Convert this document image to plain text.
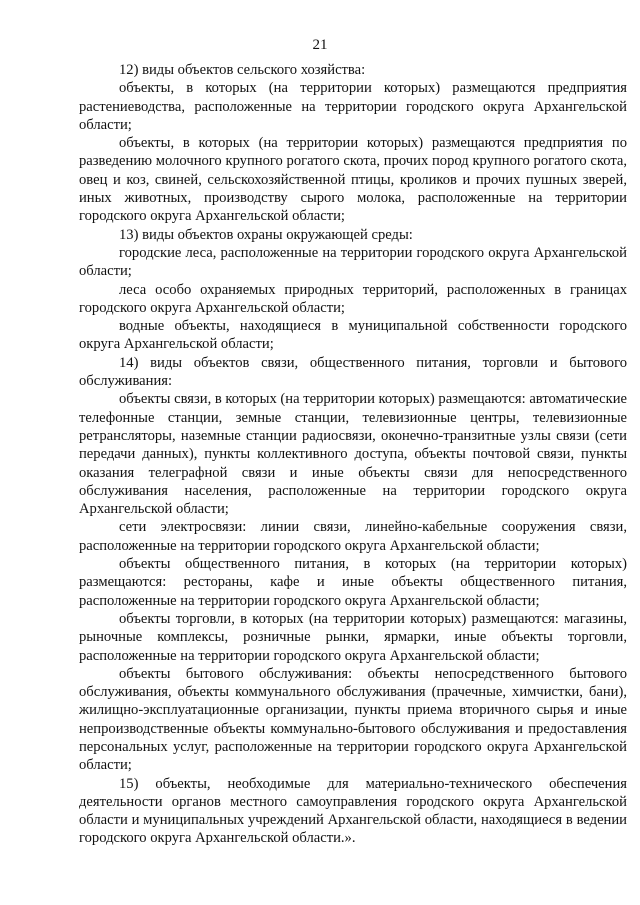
21

12) виды объектов сельского хозяйства:

объекты, в которых (на территории которых) размещаются предприятия растениеводства, расположенные на территории городского округа Архангельской области;

объекты, в которых (на территории которых) размещаются предприятия по разведению молочного крупного рогатого скота, прочих пород крупного рогатого скота, овец и коз, свиней, сельскохозяйственной птицы, кроликов и прочих пушных зверей, иных животных, производству сырого молока, расположенные на территории городского округа Архангельской области;

13) виды объектов охраны окружающей среды:

городские леса, расположенные на территории городского округа Архангельской области;

леса особо охраняемых природных территорий, расположенных в границах городского округа Архангельской области;

водные объекты, находящиеся в муниципальной собственности городского округа Архангельской области;

14) виды объектов связи, общественного питания, торговли и бытового обслуживания:

объекты связи, в которых (на территории которых) размещаются: автоматические телефонные станции, земные станции, телевизионные центры, телевизионные ретрансляторы, наземные станции радиосвязи, оконечно-транзитные узлы связи (сети передачи данных), пункты коллективного доступа, объекты почтовой связи, пункты оказания телеграфной связи и иные объекты связи для непосредственного обслуживания населения, расположенные на территории городского округа Архангельской области;

сети электросвязи: линии связи, линейно-кабельные сооружения связи, расположенные на территории городского округа Архангельской области;

объекты общественного питания, в которых (на территории которых) размещаются: рестораны, кафе и иные объекты общественного питания, расположенные на территории городского округа Архангельской области;

объекты торговли, в которых (на территории которых) размещаются: магазины, рыночные комплексы, розничные рынки, ярмарки, иные объекты торговли, расположенные на территории городского округа Архангельской области;

объекты бытового обслуживания: объекты непосредственного бытового обслуживания, объекты коммунального обслуживания (прачечные, химчистки, бани), жилищно-эксплуатационные организации, пункты приема вторичного сырья и иные непроизводственные объекты коммунально-бытового обслуживания и предоставления персональных услуг, расположенные на территории городского округа Архангельской области;

15) объекты, необходимые для материально-технического обеспечения деятельности органов местного самоуправления городского округа Архангельской области и муниципальных учреждений Архангельской области, находящиеся в ведении городского округа Архангельской области.».
